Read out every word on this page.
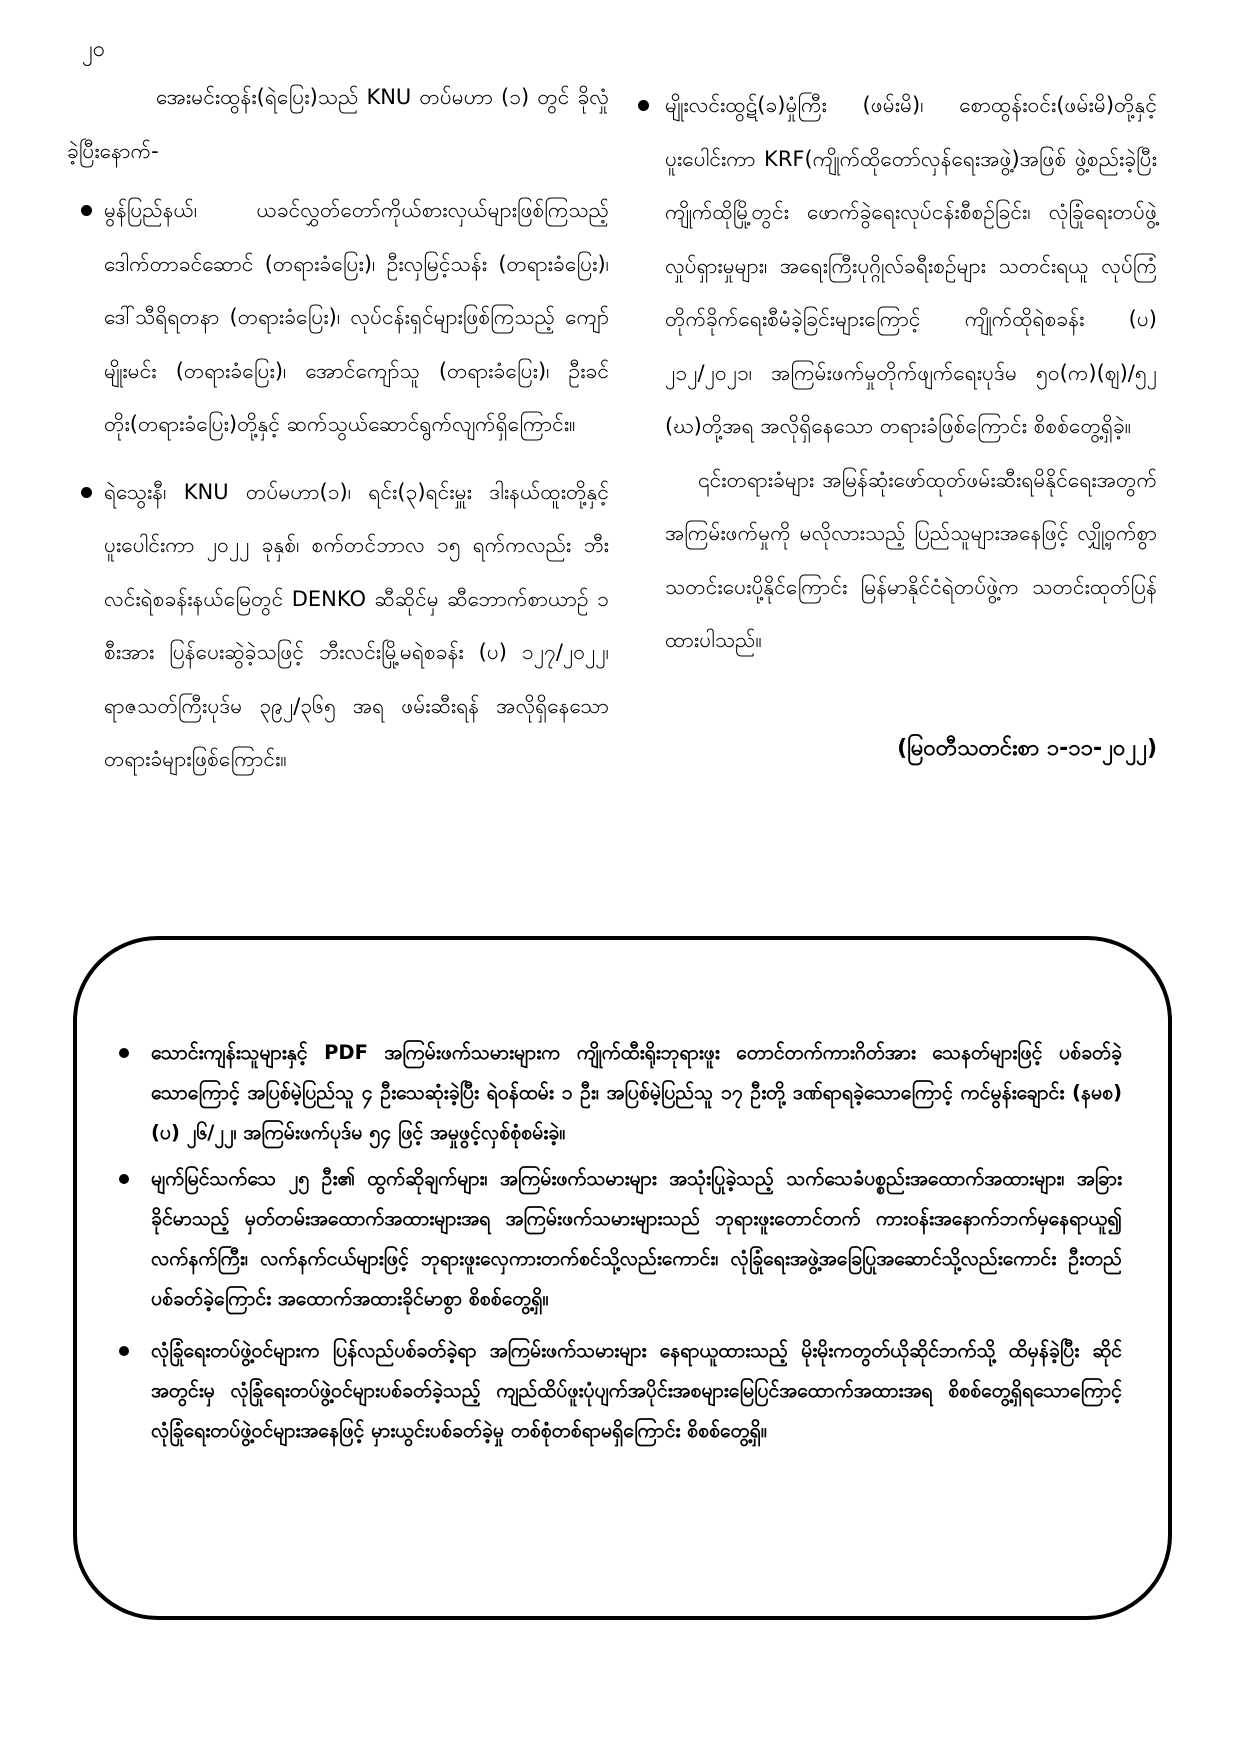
၂၀

အေးမင်းထွန်း(ရဲပြေး)သည် KNU တပ်မဟာ (၁) တွင် ခိုလှုံခဲ့ပြီးနောက်-

မွန်ပြည်နယ်၊ ယခင်လွှတ်တော်ကိုယ်စားလှယ်များဖြစ်ကြသည့် ဒေါက်တာခင်ဆောင် (တရားခံပြေး)၊ ဦးလှမြင့်သန်း (တရားခံပြေး)၊ ဒေါ်သီရိရတနာ (တရားခံပြေး)၊ လုပ်ငန်းရှင်များဖြစ်ကြသည့် ကျော်မျိုးမင်း (တရားခံပြေး)၊ အောင်ကျော်သူ (တရားခံပြေး)၊ ဦးခင်တိုး(တရားခံပြေး)တို့နှင့် ဆက်သွယ်ဆောင်ရွက်လျက်ရှိကြောင်း။
ရဲသွေးနီ၊ KNU တပ်မဟာ(၁)၊ ရင်း(၃)ရင်းမှူး ဒါးနယ်ထူးတို့နှင့် ပူးပေါင်းကာ ၂၀၂၂ ခုနှစ်၊ စက်တင်ဘာလ ၁၅ ရက်ကလည်း ဘီးလင်းရဲစခန်းနယ်မြေတွင် DENKO ဆီဆိုင်မှ ဆီဘောက်စာယာဉ် ၁ စီးအား ပြန်ပေးဆွဲခဲ့သဖြင့် ဘီးလင်းမြို့မရဲစခန်း (ပ) ၁၂၇/၂၀၂၂၊ ရာဇသတ်ကြီးပုဒ်မ ၃၉၂/၃၆၅ အရ ဖမ်းဆီးရန် အလိုရှိနေသော တရားခံများဖြစ်ကြောင်း။
မျိုးလင်းထွဋ်(ခ)မှုံကြီး (ဖမ်းမိ)၊ စောထွန်းဝင်း(ဖမ်းမိ)တို့နှင့်ပူးပေါင်းကာ KRF(ကျိုက်ထိုတော်လှန်ရေးအဖွဲ့)အဖြစ် ဖွဲ့စည်းခဲ့ပြီး ကျိုက်ထိုမြို့တွင်း ဖောက်ခွဲရေးလုပ်ငန်းစီစဉ်ခြင်း၊ လုံခြုံရေးတပ်ဖွဲ့လှုပ်ရှားမှုများ၊ အရေးကြီးပုဂ္ဂိုလ်ခရီးစဉ်များ သတင်းရယူ လုပ်ကြံတိုက်ခိုက်ရေးစီမံခဲ့ခြင်းများကြောင့် ကျိုက်ထိုရဲစခန်း (ပ) ၂၁၂/၂၀၂၁၊ အကြမ်းဖက်မှုတိုက်ဖျက်ရေးပုဒ်မ ၅၀(က)(ဈ)/၅၂ (ဃ)တို့အရ အလိုရှိနေသော တရားခံဖြစ်ကြောင်း စိစစ်တွေ့ရှိခဲ့။

၎င်းတရားခံများ အမြန်ဆုံးဖော်ထုတ်ဖမ်းဆီးရမိနိုင်ရေးအတွက် အကြမ်းဖက်မှုကို မလိုလားသည့် ပြည်သူများအနေဖြင့် လျှို့ဝှက်စွာ သတင်းပေးပို့နိုင်ကြောင်း မြန်မာနိုင်ငံရဲတပ်ဖွဲ့က သတင်းထုတ်ပြန်ထားပါသည်။

(မြဝတီသတင်းစာ ၁-၁၁-၂၀၂၂)

သောင်းကျန်းသူများနှင့် PDF အကြမ်းဖက်သမားများက ကျိုက်ထီးရိုးဘုရားဖူး တောင်တက်ကားဂိတ်အား သေနတ်များဖြင့် ပစ်ခတ်ခဲ့သောကြောင့် အပြစ်မဲ့ပြည်သူ ၄ ဦးသေဆုံးခဲ့ပြီး ရဲဝန်ထမ်း ၁ ဦး၊ အပြစ်မဲ့ပြည်သူ ၁၇ ဦးတို့ ဒဏ်ရာရခဲ့သောကြောင့် ကင်မွန်းချောင်း (နမစ) (ပ) ၂၆/၂၂၊ အကြမ်းဖက်ပုဒ်မ ၅၄ ဖြင့် အမှုဖွင့်လှစ်စုံစမ်းခဲ့။
မျက်မြင်သက်သေ ၂၅ ဦး၏ ထွက်ဆိုချက်များ၊ အကြမ်းဖက်သမားများ အသုံးပြုခဲ့သည့် သက်သေခံပစ္စည်းအထောက်အထားများ၊ အခြားခိုင်မာသည့် မှတ်တမ်းအထောက်အထားများအရ အကြမ်းဖက်သမားများသည် ဘုရားဖူးတောင်တက် ကားဝန်းအနောက်ဘက်မှနေရာယူ၍ လက်နက်ကြီး၊ လက်နက်ငယ်များဖြင့် ဘုရားဖူးလှေကားတက်စင်သို့လည်းကောင်း၊ လုံခြုံရေးအဖွဲ့အခြေပြုအဆောင်သို့လည်းကောင်း ဦးတည်ပစ်ခတ်ခဲ့ကြောင်း အထောက်အထားခိုင်မာစွာ စိစစ်တွေ့ရှိ။
လုံခြုံရေးတပ်ဖွဲ့ဝင်များက ပြန်လည်ပစ်ခတ်ခဲ့ရာ အကြမ်းဖက်သမားများ နေရာယူထားသည့် မိုးမိုးကတွတ်ယိုဆိုင်ဘက်သို့ ထိမှန်ခဲ့ပြီး ဆိုင်အတွင်းမှ လုံခြုံရေးတပ်ဖွဲ့ဝင်များပစ်ခတ်ခဲ့သည့် ကျည်ထိပ်ဖူးပုံပျက်အပိုင်းအစများမြေပြင်အထောက်အထားအရ စိစစ်တွေ့ရှိရသောကြောင့် လုံခြုံရေးတပ်ဖွဲ့ဝင်များအနေဖြင့် မှားယွင်းပစ်ခတ်ခဲ့မှု တစ်စုံတစ်ရာမရှိကြောင်း စိစစ်တွေ့ရှိ။
